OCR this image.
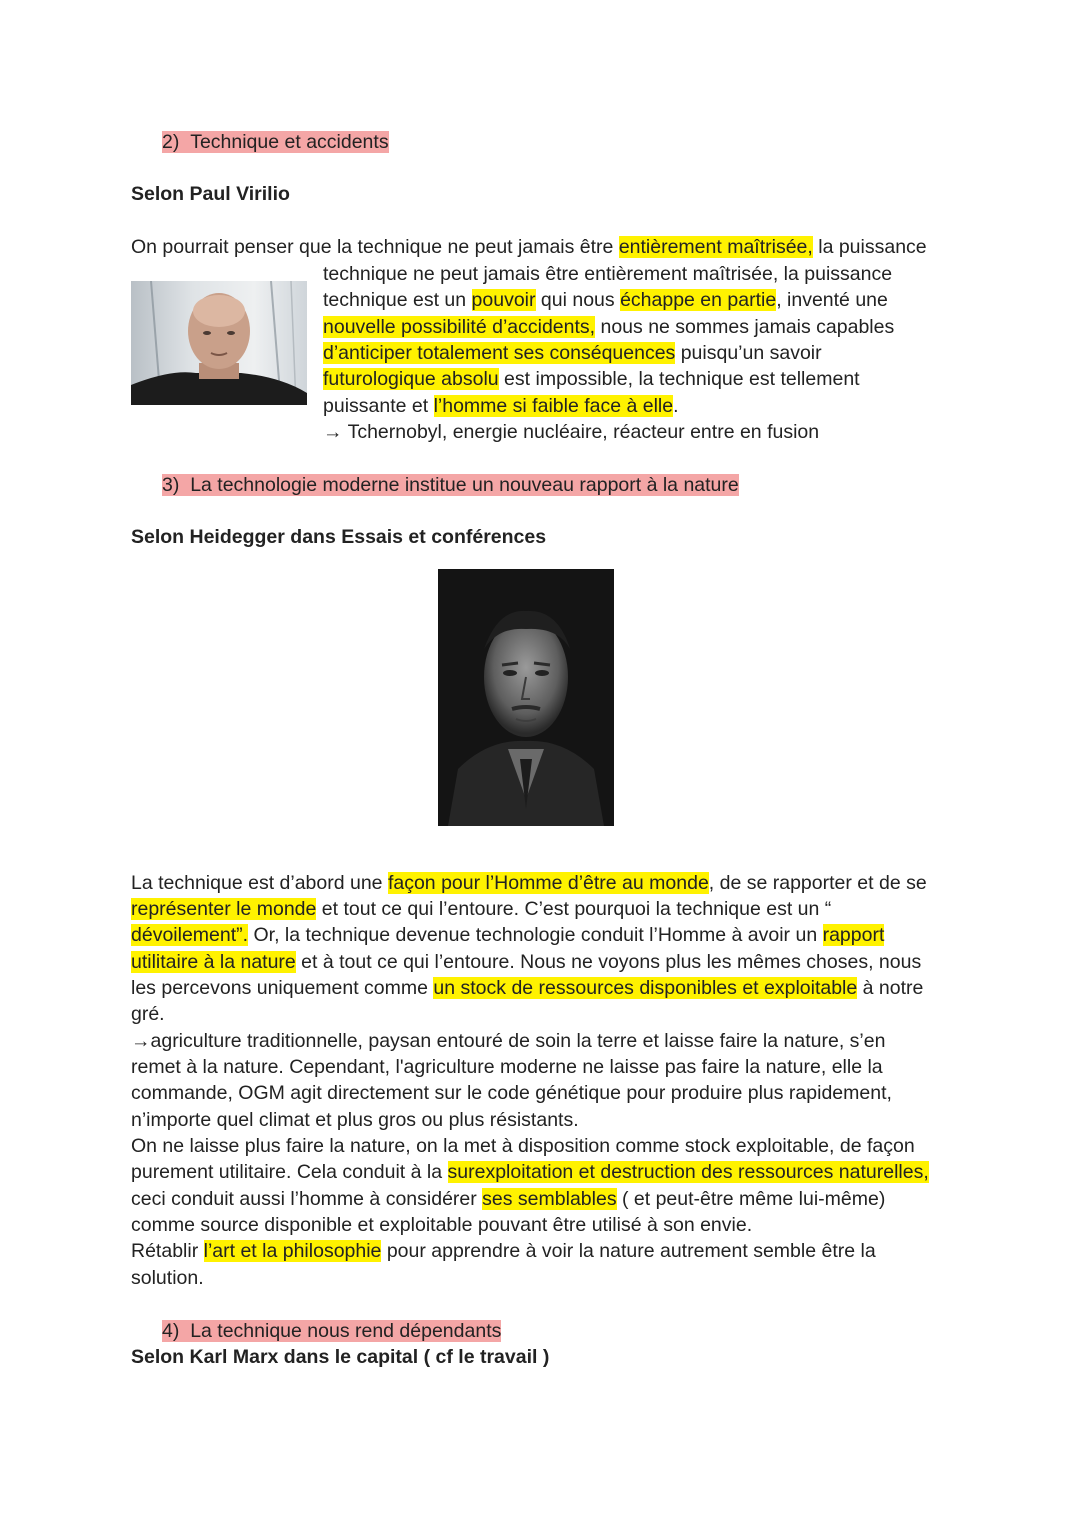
2) Technique et accidents
Selon Paul Virilio
On pourrait penser que la technique ne peut jamais être entièrement maîtrisée, la puissance
technique ne peut jamais être entièrement maîtrisée, la puissance
technique est un pouvoir qui nous échappe en partie, inventé une
nouvelle possibilité d’accidents, nous ne sommes jamais capables
d’anticiper totalement ses conséquences puisqu’un savoir
futurologique absolu est impossible, la technique est tellement
puissante et l’homme si faible face à elle.
→ Tchernobyl, energie nucléaire, réacteur entre en fusion
3) La technologie moderne institue un nouveau rapport à la nature
Selon Heidegger dans Essais et conférences
La technique est d’abord une façon pour l’Homme d’être au monde, de se rapporter et de se
représenter le monde et tout ce qui l’entoure. C’est pourquoi la technique est un “
dévoilement”. Or, la technique devenue technologie conduit l’Homme à avoir un rapport
utilitaire à la nature et à tout ce qui l’entoure. Nous ne voyons plus les mêmes choses, nous
les percevons uniquement comme un stock de ressources disponibles et exploitable à notre
gré.
→agriculture traditionnelle, paysan entouré de soin la terre et laisse faire la nature, s’en
remet à la nature. Cependant, l'agriculture moderne ne laisse pas faire la nature, elle la
commande, OGM agit directement sur le code génétique pour produire plus rapidement,
n’importe quel climat et plus gros ou plus résistants.
On ne laisse plus faire la nature, on la met à disposition comme stock exploitable, de façon
purement utilitaire. Cela conduit à la surexploitation et destruction des ressources naturelles,
ceci conduit aussi l’homme à considérer ses semblables ( et peut-être même lui-même)
comme source disponible et exploitable pouvant être utilisé à son envie.
Rétablir l’art et la philosophie pour apprendre à voir la nature autrement semble être la
solution.
4) La technique nous rend dépendants
Selon Karl Marx dans le capital ( cf le travail )
